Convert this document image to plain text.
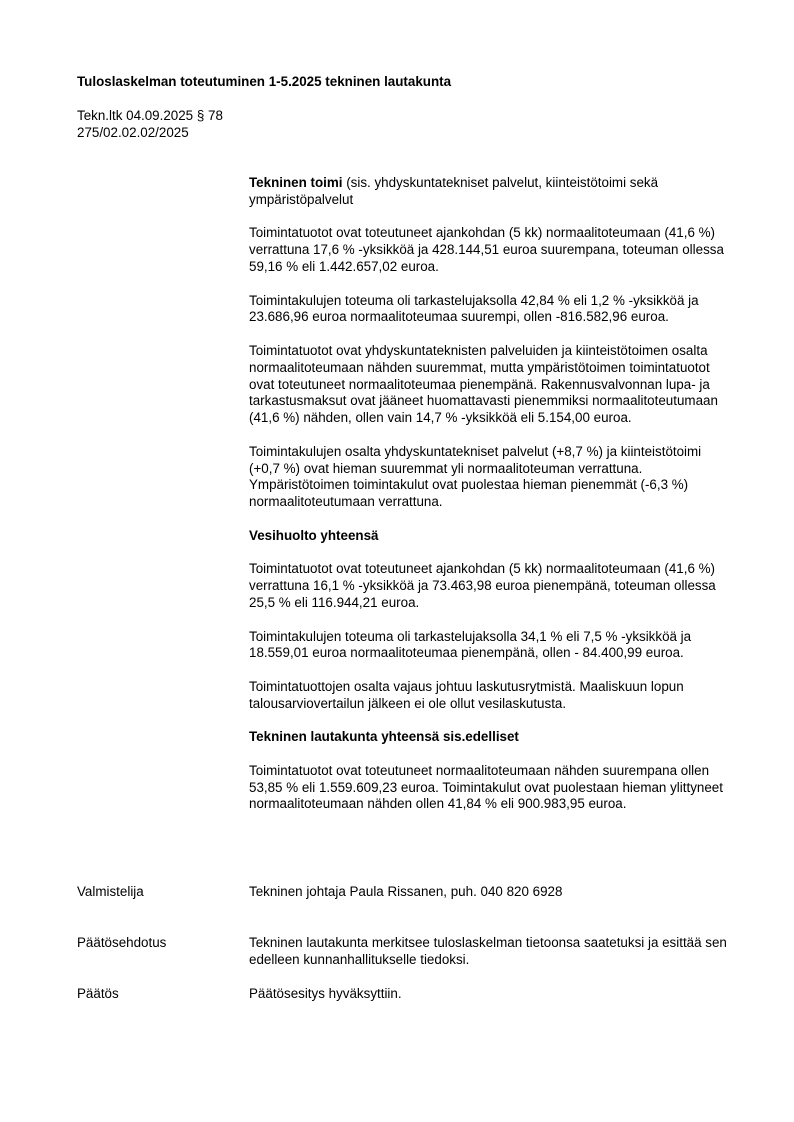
Tuloslaskelman toteutuminen 1-5.2025 tekninen lautakunta
Tekn.ltk 04.09.2025 § 78
275/02.02.02/2025

Tekninen toimi (sis. yhdyskuntatekniset palvelut, kiinteistötoimi sekä ympäristöpalvelut

Toimintatuotot ovat toteutuneet ajankohdan (5 kk) normaalitoteumaan (41,6 %) verrattuna 17,6 % -yksikköä ja 428.144,51 euroa suurempana, toteuman ollessa 59,16 % eli 1.442.657,02 euroa.

Toimintakulujen toteuma oli tarkastelujaksolla 42,84 % eli 1,2 % -yksikköä ja 23.686,96 euroa normaalitoteumaa suurempi, ollen -816.582,96 euroa.

Toimintatuotot ovat yhdyskuntateknisten palveluiden ja kiinteistötoimen osalta normaalitoteumaan nähden suuremmat, mutta ympäristötoimen toimintatuotot ovat toteutuneet normaalitoteumaa pienempänä. Rakennusvalvonnan lupa- ja tarkastusmaksut ovat jääneet huomattavasti pienemmiksi normaalitoteutumaan (41,6 %) nähden, ollen vain 14,7 % -yksikköä eli 5.154,00 euroa.

Toimintakulujen osalta yhdyskuntatekniset palvelut (+8,7 %) ja kiinteistötoimi (+0,7 %) ovat hieman suuremmat yli normaalitoteuman verrattuna. Ympäristötoimen toimintakulut ovat puolestaa hieman pienemmät (-6,3 %) normaalitoteutumaan verrattuna.

Vesihuolto yhteensä

Toimintatuotot ovat toteutuneet ajankohdan (5 kk) normaalitoteumaan (41,6 %) verrattuna 16,1 % -yksikköä ja 73.463,98 euroa pienempänä, toteuman ollessa 25,5 % eli 116.944,21 euroa.

Toimintakulujen toteuma oli tarkastelujaksolla 34,1 % eli 7,5 % -yksikköä ja 18.559,01 euroa normaalitoteumaa pienempänä, ollen - 84.400,99 euroa.

Toimintatuottojen osalta vajaus johtuu laskutusrytmistä. Maaliskuun lopun talousarviovertailun jälkeen ei ole ollut vesilaskutusta.

Tekninen lautakunta yhteensä sis.edelliset

Toimintatuotot ovat toteutuneet normaalitoteumaan nähden suurempana ollen 53,85 % eli 1.559.609,23 euroa. Toimintakulut ovat puolestaan hieman ylittyneet normaalitoteumaan nähden ollen 41,84 % eli 900.983,95 euroa.

Valmistelija	Tekninen johtaja Paula Rissanen, puh. 040 820 6928
Päätösehdotus	Tekninen lautakunta merkitsee tuloslaskelman tietoonsa saatetuksi ja esittää sen edelleen kunnanhallitukselle tiedoksi.
Päätös	Päätösesitys hyväksyttiin.
